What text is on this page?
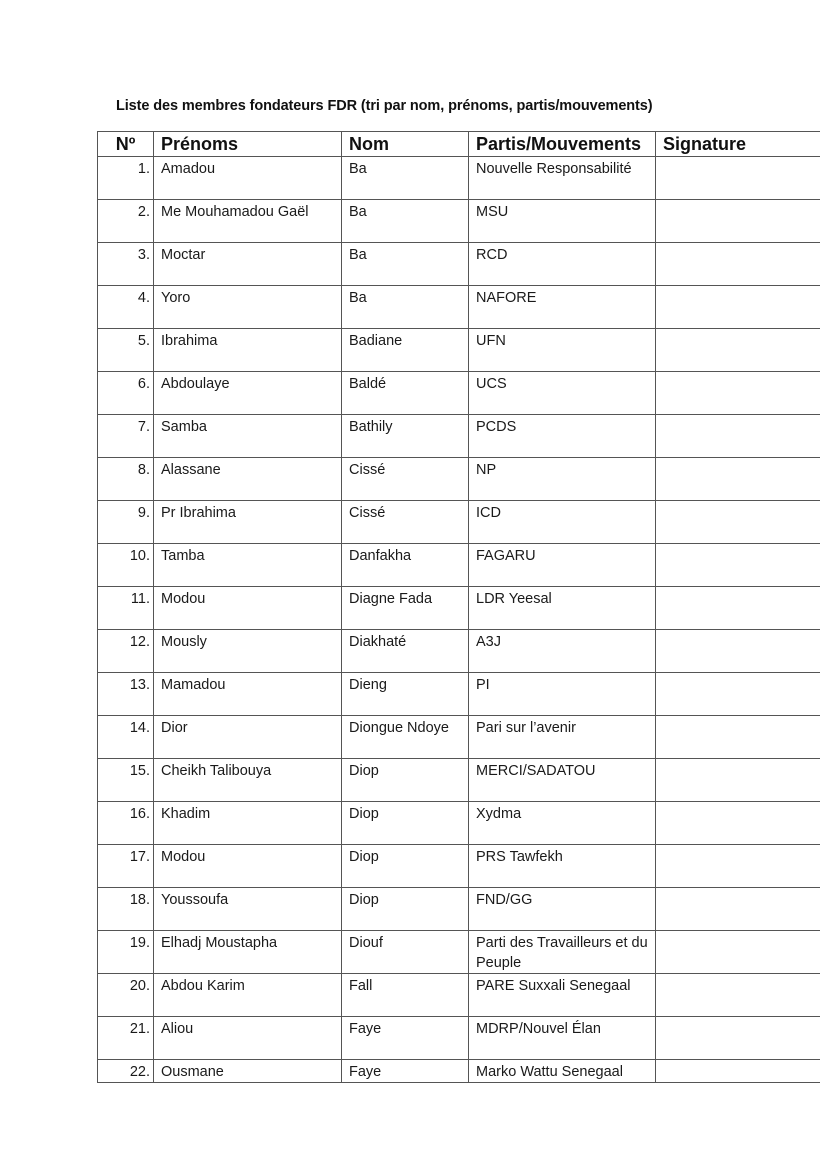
Liste des membres fondateurs FDR (tri par nom, prénoms, partis/mouvements)
Nº	Prénoms	Nom	Partis/Mouvements	Signature
1.	Amadou	Ba	Nouvelle Responsabilité	
2.	Me Mouhamadou Gaël	Ba	MSU	
3.	Moctar	Ba	RCD	
4.	Yoro	Ba	NAFORE	
5.	Ibrahima	Badiane	UFN	
6.	Abdoulaye	Baldé	UCS	
7.	Samba	Bathily	PCDS	
8.	Alassane	Cissé	NP	
9.	Pr Ibrahima	Cissé	ICD	
10.	Tamba	Danfakha	FAGARU	
11.	Modou	Diagne Fada	LDR Yeesal	
12.	Mously	Diakhaté	A3J	
13.	Mamadou	Dieng	PI	
14.	Dior	Diongue Ndoye	Pari sur l’avenir	
15.	Cheikh Talibouya	Diop	MERCI/SADATOU	
16.	Khadim	Diop	Xydma	
17.	Modou	Diop	PRS Tawfekh	
18.	Youssoufa	Diop	FND/GG	
19.	Elhadj Moustapha	Diouf	Parti des Travailleurs et du Peuple	
20.	Abdou Karim	Fall	PARE Suxxali Senegaal	
21.	Aliou	Faye	MDRP/Nouvel Élan	
22.	Ousmane	Faye	Marko Wattu Senegaal	
